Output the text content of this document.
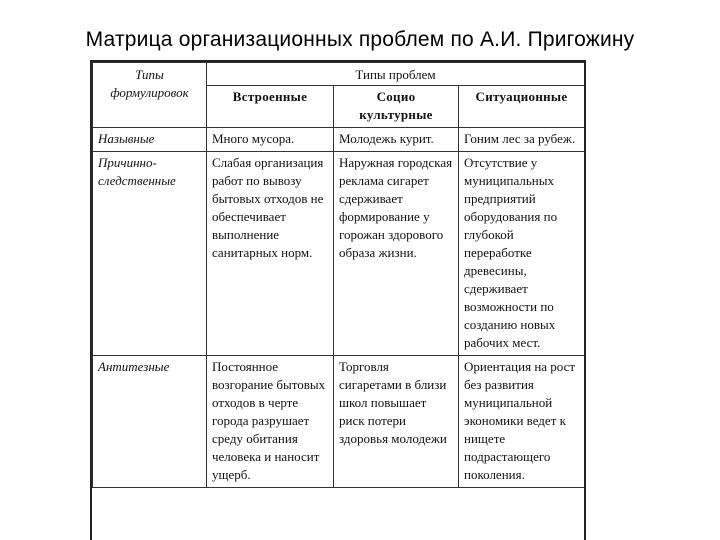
Матрица организационных проблем по А.И. Пригожину
Типы формулировок	Типы проблем		
	Встроенные	Социо культурные	Ситуационные
Назывные	Много мусора.	Молодежь курит.	Гоним лес за рубеж.
Причинно-следственные	Слабая организация работ по вывозу бытовых отходов не обеспечивает выполнение санитарных норм.	Наружная городская реклама сигарет сдерживает формирование у горожан здорового образа жизни.	Отсутствие у муниципальных предприятий оборудования по глубокой переработке древесины, сдерживает возможности по созданию новых рабочих мест.
Антитезные	Постоянное возгорание бытовых отходов в черте города разрушает среду обитания человека и наносит ущерб.	Торговля сигаретами в близи школ повышает риск потери здоровья молодежи	Ориентация на рост без развития муниципальной экономики ведет к нищете подрастающего поколения.
